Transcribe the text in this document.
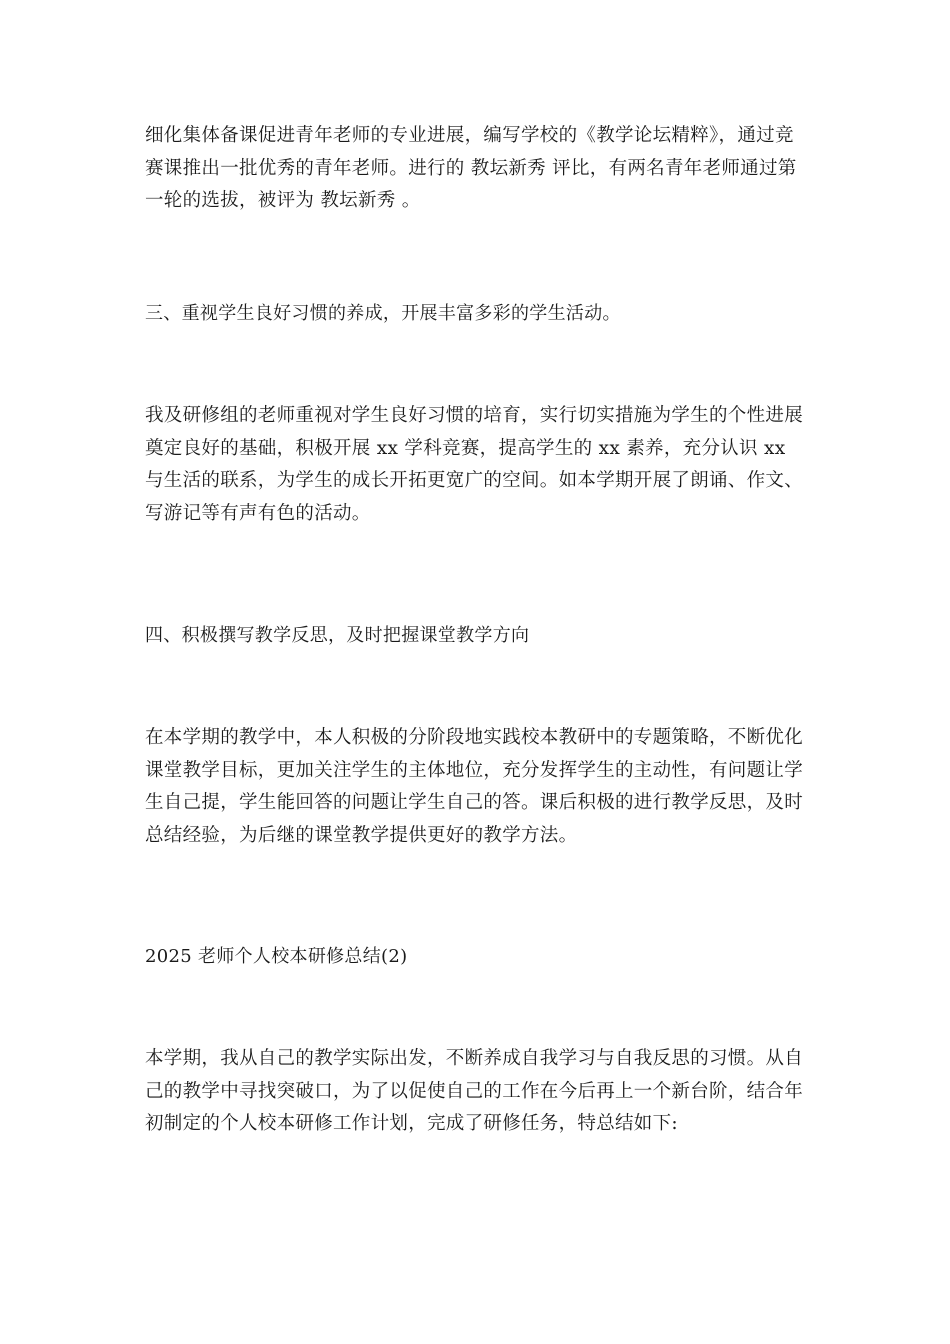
细化集体备课促进青年老师的专业进展，编写学校的《教学论坛精粹》，通过竞赛课推出一批优秀的青年老师。进行的 教坛新秀 评比，有两名青年老师通过第一轮的选拔，被评为 教坛新秀 。

三、重视学生良好习惯的养成，开展丰富多彩的学生活动。

我及研修组的老师重视对学生良好习惯的培育，实行切实措施为学生的个性进展奠定良好的基础，积极开展 xx 学科竞赛，提高学生的 xx 素养，充分认识 xx 与生活的联系，为学生的成长开拓更宽广的空间。如本学期开展了朗诵、作文、写游记等有声有色的活动。

四、积极撰写教学反思，及时把握课堂教学方向

在本学期的教学中，本人积极的分阶段地实践校本教研中的专题策略，不断优化课堂教学目标，更加关注学生的主体地位，充分发挥学生的主动性，有问题让学生自己提，学生能回答的问题让学生自己的答。课后积极的进行教学反思，及时总结经验，为后继的课堂教学提供更好的教学方法。

2025 老师个人校本研修总结(2)

本学期，我从自己的教学实际出发，不断养成自我学习与自我反思的习惯。从自己的教学中寻找突破口，为了以促使自己的工作在今后再上一个新台阶，结合年初制定的个人校本研修工作计划，完成了研修任务，特总结如下:
